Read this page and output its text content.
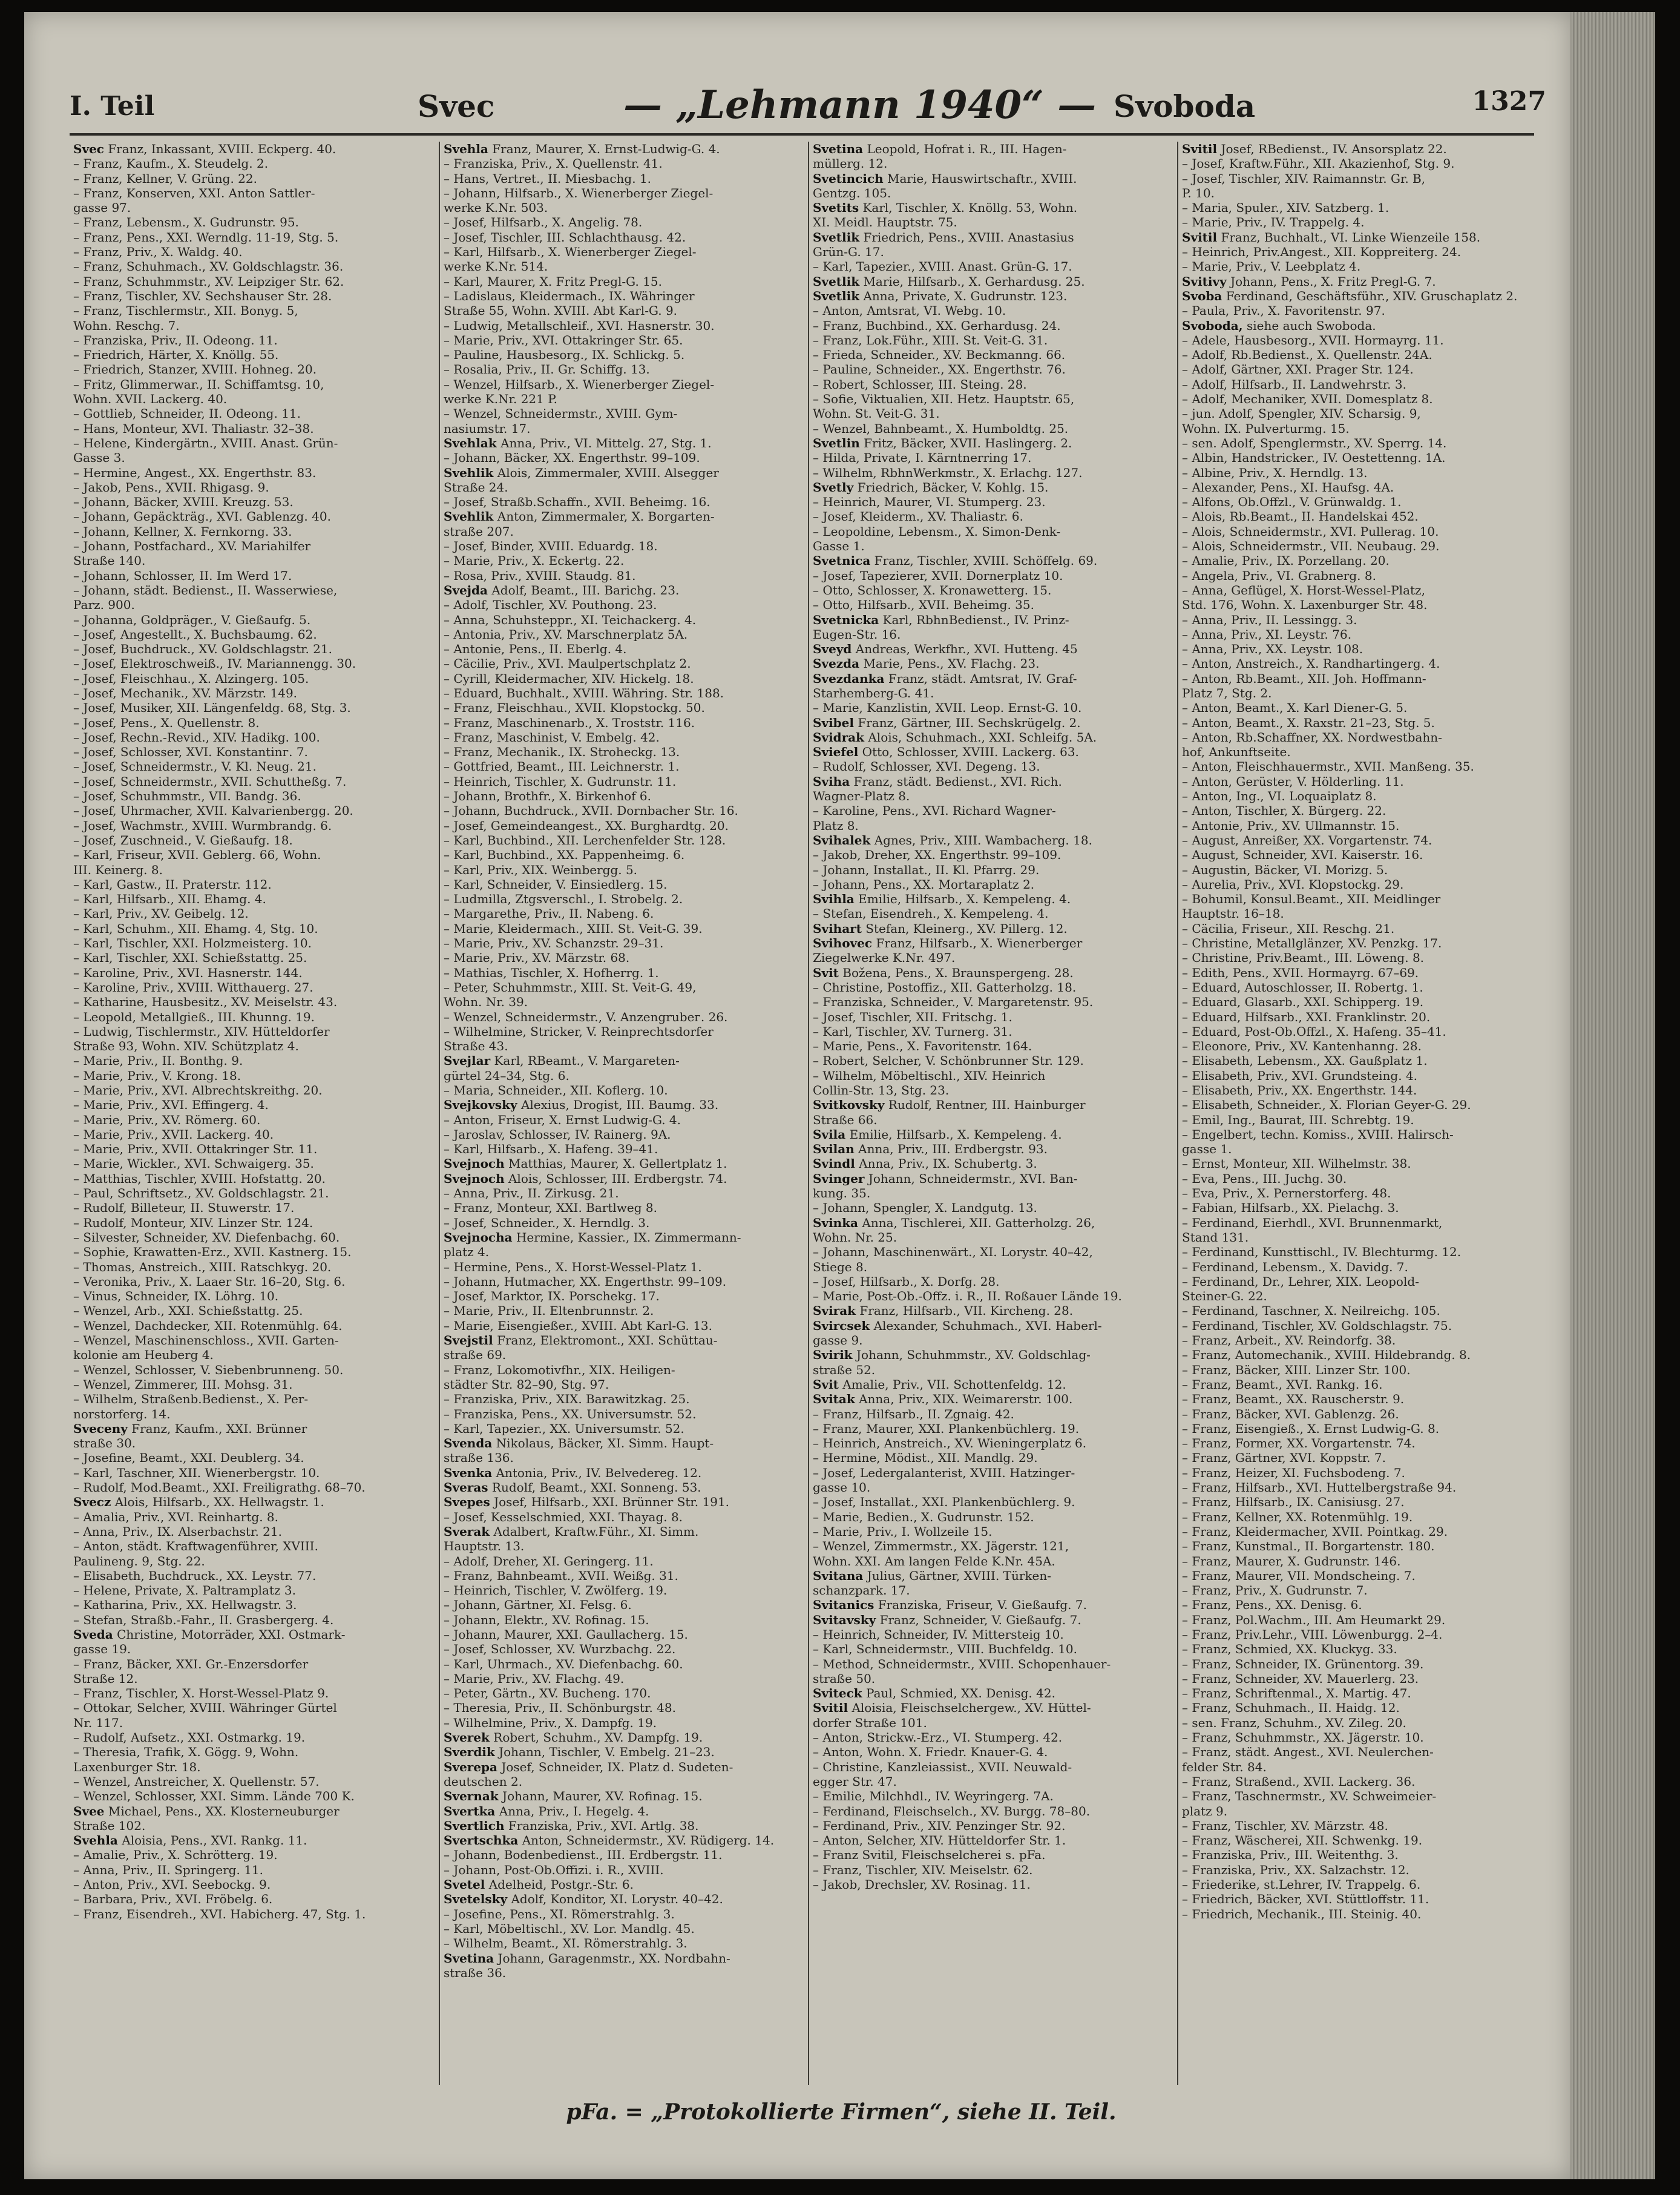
I. Teil	Svec	— „Lehmann 1940“ — Svoboda	1327
Svec Franz, Inkassant, XVIII. Eckperg. 40.
– Franz, Kaufm., X. Steudelg. 2.
– Franz, Kellner, V. Grüng. 22.
– Franz, Konserven, XXI. Anton Sattler-
gasse 97.
– Franz, Lebensm., X. Gudrunstr. 95.
– Franz, Pens., XXI. Werndlg. 11-19, Stg. 5.
– Franz, Priv., X. Waldg. 40.
– Franz, Schuhmach., XV. Goldschlagstr. 36.
– Franz, Schuhmmstr., XV. Leipziger Str. 62.
– Franz, Tischler, XV. Sechshauser Str. 28.
– Franz, Tischlermstr., XII. Bonyg. 5,
Wohn. Reschg. 7.
– Franziska, Priv., II. Odeong. 11.
– Friedrich, Härter, X. Knöllg. 55.
– Friedrich, Stanzer, XVIII. Hohneg. 20.
– Fritz, Glimmerwar., II. Schiffamtsg. 10,
Wohn. XVII. Lackerg. 40.
– Gottlieb, Schneider, II. Odeong. 11.
– Hans, Monteur, XVI. Thaliastr. 32–38.
– Helene, Kindergärtn., XVIII. Anast. Grün-
Gasse 3.
– Hermine, Angest., XX. Engerthstr. 83.
– Jakob, Pens., XVII. Rhigasg. 9.
– Johann, Bäcker, XVIII. Kreuzg. 53.
– Johann, Gepäckträg., XVI. Gablenzg. 40.
– Johann, Kellner, X. Fernkorng. 33.
– Johann, Postfachard., XV. Mariahilfer
Straße 140.
– Johann, Schlosser, II. Im Werd 17.
– Johann, städt. Bedienst., II. Wasserwiese,
Parz. 900.
– Johanna, Goldpräger., V. Gießaufg. 5.
– Josef, Angestellt., X. Buchsbaumg. 62.
– Josef, Buchdruck., XV. Goldschlagstr. 21.
– Josef, Elektroschweiß., IV. Mariannengg. 30.
– Josef, Fleischhau., X. Alzingerg. 105.
– Josef, Mechanik., XV. Märzstr. 149.
– Josef, Musiker, XII. Längenfeldg. 68, Stg. 3.
– Josef, Pens., X. Quellenstr. 8.
– Josef, Rechn.-Revid., XIV. Hadikg. 100.
– Josef, Schlosser, XVI. Konstantinг. 7.
– Josef, Schneidermstr., V. Kl. Neug. 21.
– Josef, Schneidermstr., XVII. Schuttheßg. 7.
– Josef, Schuhmmstr., VII. Bandg. 36.
– Josef, Uhrmacher, XVII. Kalvarienbergg. 20.
– Josef, Wachmstr., XVIII. Wurmbrandg. 6.
– Josef, Zuschneid., V. Gießaufg. 18.
– Karl, Friseur, XVII. Geblerg. 66, Wohn.
III. Keinerg. 8.
– Karl, Gastw., II. Praterstr. 112.
– Karl, Hilfsarb., XII. Ehamg. 4.
– Karl, Priv., XV. Geibelg. 12.
– Karl, Schuhm., XII. Ehamg. 4, Stg. 10.
– Karl, Tischler, XXI. Holzmeisterg. 10.
– Karl, Tischler, XXI. Schießstattg. 25.
– Karoline, Priv., XVI. Hasnerstr. 144.
– Karoline, Priv., XVIII. Witthauerg. 27.
– Katharine, Hausbesitz., XV. Meiselstr. 43.
– Leopold, Metallgieß., III. Khunng. 19.
– Ludwig, Tischlermstr., XIV. Hütteldorfer
Straße 93, Wohn. XIV. Schützplatz 4.
– Marie, Priv., II. Bonthg. 9.
– Marie, Priv., V. Krong. 18.
– Marie, Priv., XVI. Albrechtskreithg. 20.
– Marie, Priv., XVI. Effingerg. 4.
– Marie, Priv., XV. Römerg. 60.
– Marie, Priv., XVII. Lackerg. 40.
– Marie, Priv., XVII. Ottakringer Str. 11.
– Marie, Wickler., XVI. Schwaigerg. 35.
– Matthias, Tischler, XVIII. Hofstattg. 20.
– Paul, Schriftsetz., XV. Goldschlagstr. 21.
– Rudolf, Billeteur, II. Stuwerstr. 17.
– Rudolf, Monteur, XIV. Linzer Str. 124.
– Silvester, Schneider, XV. Diefenbachg. 60.
– Sophie, Krawatten-Erz., XVII. Kastnerg. 15.
– Thomas, Anstreich., XIII. Ratschkyg. 20.
– Veronika, Priv., X. Laaer Str. 16–20, Stg. 6.
– Vinus, Schneider, IX. Löhrg. 10.
– Wenzel, Arb., XXI. Schießstattg. 25.
– Wenzel, Dachdecker, XII. Rotenmühlg. 64.
– Wenzel, Maschinenschloss., XVII. Garten-
kolonie am Heuberg 4.
– Wenzel, Schlosser, V. Siebenbrunneng. 50.
– Wenzel, Zimmerer, III. Mohsg. 31.
– Wilhelm, Straßenb.Bedienst., X. Per-
norstorferg. 14.
Sveceny Franz, Kaufm., XXI. Brünner
straße 30.
– Josefine, Beamt., XXI. Deublerg. 34.
– Karl, Taschner, XII. Wienerbergstr. 10.
– Rudolf, Mod.Beamt., XXI. Freiligrathg. 68–70.
Svecz Alois, Hilfsarb., XX. Hellwagstr. 1.
– Amalia, Priv., XVI. Reinhartg. 8.
– Anna, Priv., IX. Alserbachstr. 21.
– Anton, städt. Kraftwagenführer, XVIII.
Paulineng. 9, Stg. 22.
– Elisabeth, Buchdruck., XX. Leystr. 77.
– Helene, Private, X. Paltramplatz 3.
– Katharina, Priv., XX. Hellwagstr. 3.
– Stefan, Straßb.-Fahr., II. Grasbergerg. 4.
Sveda Christine, Motorräder, XXI. Ostmark-
gasse 19.
– Franz, Bäcker, XXI. Gr.-Enzersdorfer
Straße 12.
– Franz, Tischler, X. Horst-Wessel-Platz 9.
– Ottokar, Selcher, XVIII. Währinger Gürtel
Nr. 117.
– Rudolf, Aufsetz., XXI. Ostmarkg. 19.
– Theresia, Trafik, X. Gögg. 9, Wohn.
Laxenburger Str. 18.
– Wenzel, Anstreicher, X. Quellenstr. 57.
– Wenzel, Schlosser, XXI. Simm. Lände 700 K.
Svee Michael, Pens., XX. Klosterneuburger
Straße 102.
Svehla Aloisia, Pens., XVI. Rankg. 11.
– Amalie, Priv., X. Schrötterg. 19.
– Anna, Priv., II. Springerg. 11.
– Anton, Priv., XVI. Seebockg. 9.
– Barbara, Priv., XVI. Fröbelg. 6.
– Franz, Eisendreh., XVI. Habicherg. 47, Stg. 1.
Svehla Franz, Maurer, X. Ernst-Ludwig-G. 4.
– Franziska, Priv., X. Quellenstr. 41.
– Hans, Vertret., II. Miesbachg. 1.
– Johann, Hilfsarb., X. Wienerberger Ziegel-
werke K.Nr. 503.
– Josef, Hilfsarb., X. Angelig. 78.
– Josef, Tischler, III. Schlachthausg. 42.
– Karl, Hilfsarb., X. Wienerberger Ziegel-
werke K.Nr. 514.
– Karl, Maurer, X. Fritz Pregl-G. 15.
– Ladislaus, Kleidermach., IX. Währinger
Straße 55, Wohn. XVIII. Abt Karl-G. 9.
– Ludwig, Metallschleif., XVI. Hasnerstr. 30.
– Marie, Priv., XVI. Ottakringer Str. 65.
– Pauline, Hausbesorg., IX. Schlickg. 5.
– Rosalia, Priv., II. Gr. Schiffg. 13.
– Wenzel, Hilfsarb., X. Wienerberger Ziegel-
werke K.Nr. 221 P.
– Wenzel, Schneidermstr., XVIII. Gym-
nasiumstr. 17.
Svehlak Anna, Priv., VI. Mittelg. 27, Stg. 1.
– Johann, Bäcker, XX. Engerthstr. 99–109.
Svehlik Alois, Zimmermaler, XVIII. Alsegger
Straße 24.
– Josef, Straßb.Schaffn., XVII. Beheimg. 16.
Svehlik Anton, Zimmermaler, X. Borgarten-
straße 207.
– Josef, Binder, XVIII. Eduardg. 18.
– Marie, Priv., X. Eckertg. 22.
– Rosa, Priv., XVIII. Staudg. 81.
Svejda Adolf, Beamt., III. Barichg. 23.
– Adolf, Tischler, XV. Pouthong. 23.
– Anna, Schuhsteppr., XI. Teichackerg. 4.
– Antonia, Priv., XV. Marschnerplatz 5A.
– Antonie, Pens., II. Eberlg. 4.
– Cäcilie, Priv., XVI. Maulpertschplatz 2.
– Cyrill, Kleidermacher, XIV. Hickelg. 18.
– Eduard, Buchhalt., XVIII. Währing. Str. 188.
– Franz, Fleischhau., XVII. Klopstockg. 50.
– Franz, Maschinenarb., X. Troststr. 116.
– Franz, Maschinist, V. Embelg. 42.
– Franz, Mechanik., IX. Stroheckg. 13.
– Gottfried, Beamt., III. Leichnerstr. 1.
– Heinrich, Tischler, X. Gudrunstr. 11.
– Johann, Brothfr., X. Birkenhof 6.
– Johann, Buchdruck., XVII. Dornbacher Str. 16.
– Josef, Gemeindeangest., XX. Burghardtg. 20.
– Karl, Buchbind., XII. Lerchenfelder Str. 128.
– Karl, Buchbind., XX. Pappenheimg. 6.
– Karl, Priv., XIX. Weinbergg. 5.
– Karl, Schneider, V. Einsiedlerg. 15.
– Ludmilla, Ztgsverschl., I. Strobelg. 2.
– Margarethe, Priv., II. Nabeng. 6.
– Marie, Kleidermach., XIII. St. Veit-G. 39.
– Marie, Priv., XV. Schanzstr. 29–31.
– Marie, Priv., XV. Märzstr. 68.
– Mathias, Tischler, X. Hofherrg. 1.
– Peter, Schuhmmstr., XIII. St. Veit-G. 49,
Wohn. Nr. 39.
– Wenzel, Schneidermstr., V. Anzengrubег. 26.
– Wilhelmine, Stricker, V. Reinprechtsdorfer
Straße 43.
Svejlar Karl, RBeamt., V. Margareten-
gürtel 24–34, Stg. 6.
– Maria, Schneider., XII. Koflerg. 10.
Svejkovsky Alexius, Drogist, III. Baumg. 33.
– Anton, Friseur, X. Ernst Ludwig-G. 4.
– Jaroslav, Schlosser, IV. Rainerg. 9A.
– Karl, Hilfsarb., X. Hafeng. 39–41.
Svejnoch Matthias, Maurer, X. Gellertplatz 1.
Svejnoch Alois, Schlosser, III. Erdbergstr. 74.
– Anna, Priv., II. Zirkusg. 21.
– Franz, Monteur, XXI. Bartlweg 8.
– Josef, Schneider., X. Herndlg. 3.
Svejnocha Hermine, Kassier., IX. Zimmermann-
platz 4.
– Hermine, Pens., X. Horst-Wessel-Platz 1.
– Johann, Hutmacher, XX. Engerthstr. 99–109.
– Josef, Marktor, IX. Porschekg. 17.
– Marie, Priv., II. Eltenbrunnstr. 2.
– Marie, Eisengießer., XVIII. Abt Karl-G. 13.
Svejstil Franz, Elektromont., XXI. Schüttau-
straße 69.
– Franz, Lokomotivfhr., XIX. Heiligen-
städter Str. 82–90, Stg. 97.
– Franziska, Priv., XIX. Barawitzkag. 25.
– Franziska, Pens., XX. Universumstr. 52.
– Karl, Tapezier., XX. Universumstr. 52.
Svenda Nikolaus, Bäcker, XI. Simm. Haupt-
straße 136.
Svenka Antonia, Priv., IV. Belvedereg. 12.
Sveras Rudolf, Beamt., XXI. Sonneng. 53.
Svepes Josef, Hilfsarb., XXI. Brünner Str. 191.
– Josef, Kesselschmied, XXI. Thayag. 8.
Sverak Adalbert, Kraftw.Führ., XI. Simm.
Hauptstr. 13.
– Adolf, Dreher, XI. Geringerg. 11.
– Franz, Bahnbeamt., XVII. Weißg. 31.
– Heinrich, Tischler, V. Zwölferg. 19.
– Johann, Gärtner, XI. Felsg. 6.
– Johann, Elektr., XV. Rofinag. 15.
– Johann, Maurer, XXI. Gaullacherg. 15.
– Josef, Schlosser, XV. Wurzbachg. 22.
– Karl, Uhrmach., XV. Diefenbachg. 60.
– Marie, Priv., XV. Flachg. 49.
– Peter, Gärtn., XV. Bucheng. 170.
– Theresia, Priv., II. Schönburgstr. 48.
– Wilhelmine, Priv., X. Dampfg. 19.
Sverek Robert, Schuhm., XV. Dampfg. 19.
Sverdik Johann, Tischler, V. Embelg. 21–23.
Sverepa Josef, Schneider, IX. Platz d. Sudeten-
deutschen 2.
Svernak Johann, Maurer, XV. Rofinag. 15.
Svertka Anna, Priv., I. Hegelg. 4.
Svertlich Franziska, Priv., XVI. Artlg. 38.
Svertschka Anton, Schneidermstr., XV. Rüdigerg. 14.
– Johann, Bodenbedienst., III. Erdbergstr. 11.
– Johann, Post-Ob.Offizi. i. R., XVIII.
Svetel Adelheid, Postgr.-Str. 6.
Svetelsky Adolf, Konditor, XI. Lorystr. 40–42.
– Josefine, Pens., XI. Römerstrahlg. 3.
– Karl, Möbeltischl., XV. Lor. Mandlg. 45.
– Wilhelm, Beamt., XI. Römerstrahlg. 3.
Svetina Johann, Garagenmstr., XX. Nordbahn-
straße 36.
Svetina Leopold, Hofrat i. R., III. Hagen-
müllerg. 12.
Svetincich Marie, Hauswirtschaftr., XVIII.
Gentzg. 105.
Svetits Karl, Tischler, X. Knöllg. 53, Wohn.
XI. Meidl. Hauptstr. 75.
Svetlik Friedrich, Pens., XVIII. Anastasius
Grün-G. 17.
– Karl, Tapezier., XVIII. Anast. Grün-G. 17.
Svetlik Marie, Hilfsarb., X. Gerhardusg. 25.
Svetlik Anna, Private, X. Gudrunstr. 123.
– Anton, Amtsrat, VI. Webg. 10.
– Franz, Buchbind., XX. Gerhardusg. 24.
– Franz, Lok.Führ., XIII. St. Veit-G. 31.
– Frieda, Schneider., XV. Beckmanng. 66.
– Pauline, Schneider., XX. Engerthstr. 76.
– Robert, Schlosser, III. Steing. 28.
– Sofie, Viktualien, XII. Hetz. Hauptstr. 65,
Wohn. St. Veit-G. 31.
– Wenzel, Bahnbeamt., X. Humboldtg. 25.
Svetlin Fritz, Bäcker, XVII. Haslingerg. 2.
– Hilda, Private, I. Kärntnerring 17.
– Wilhelm, RbhnWerkmstr., X. Erlachg. 127.
Svetly Friedrich, Bäcker, V. Kohlg. 15.
– Heinrich, Maurer, VI. Stumperg. 23.
– Josef, Kleiderm., XV. Thaliastr. 6.
– Leopoldine, Lebensm., X. Simon-Denk-
Gasse 1.
Svetnica Franz, Tischler, XVIII. Schöffelg. 69.
– Josef, Tapezierer, XVII. Dornerplatz 10.
– Otto, Schlosser, X. Kronawetterg. 15.
– Otto, Hilfsarb., XVII. Beheimg. 35.
Svetnicka Karl, RbhnBedienst., IV. Prinz-
Eugen-Str. 16.
Sveyd Andreas, Werkfhr., XVI. Hutteng. 45
Svezda Marie, Pens., XV. Flachg. 23.
Svezdanka Franz, städt. Amtsrat, IV. Graf-
Starhemberg-G. 41.
– Marie, Kanzlistin, XVII. Leop. Ernst-G. 10.
Svibel Franz, Gärtner, III. Sechskrügelg. 2.
Svidrak Alois, Schuhmach., XXI. Schleifg. 5A.
Sviefel Otto, Schlosser, XVIII. Lackerg. 63.
– Rudolf, Schlosser, XVI. Degeng. 13.
Sviha Franz, städt. Bedienst., XVI. Rich.
Wagner-Platz 8.
– Karoline, Pens., XVI. Richard Wagner-
Platz 8.
Svihalek Agnes, Priv., XIII. Wambacherg. 18.
– Jakob, Dreher, XX. Engerthstr. 99–109.
– Johann, Installat., II. Kl. Pfarrg. 29.
– Johann, Pens., XX. Mortaraplatz 2.
Svihla Emilie, Hilfsarb., X. Kempeleng. 4.
– Stefan, Eisendreh., X. Kempeleng. 4.
Svihart Stefan, Kleinerg., XV. Pillerg. 12.
Svihovec Franz, Hilfsarb., X. Wienerberger
Ziegelwerke K.Nr. 497.
Svit Božena, Pens., X. Braunspergeng. 28.
– Christine, Postoffiz., XII. Gatterholzg. 18.
– Franziska, Schneider., V. Margaretenstr. 95.
– Josef, Tischler, XII. Fritschg. 1.
– Karl, Tischler, XV. Turnerg. 31.
– Marie, Pens., X. Favoritenstr. 164.
– Robert, Selcher, V. Schönbrunner Str. 129.
– Wilhelm, Möbeltischl., XIV. Heinrich
Collin-Str. 13, Stg. 23.
Svitkovsky Rudolf, Rentner, III. Hainburger
Straße 66.
Svila Emilie, Hilfsarb., X. Kempeleng. 4.
Svilan Anna, Priv., III. Erdbergstr. 93.
Svindl Anna, Priv., IX. Schubertg. 3.
Svinger Johann, Schneidermstr., XVI. Ban-
kung. 35.
– Johann, Spengler, X. Landgutg. 13.
Svinka Anna, Tischlerei, XII. Gatterholzg. 26,
Wohn. Nr. 25.
– Johann, Maschinenwärt., XI. Lorystr. 40–42,
Stiege 8.
– Josef, Hilfsarb., X. Dorfg. 28.
– Marie, Post-Ob.-Offz. i. R., II. Roßauer Lände 19.
Svirak Franz, Hilfsarb., VII. Kircheng. 28.
Svircsek Alexander, Schuhmach., XVI. Haberl-
gasse 9.
Svirik Johann, Schuhmmstr., XV. Goldschlag-
straße 52.
Svit Amalie, Priv., VII. Schottenfeldg. 12.
Svitak Anna, Priv., XIX. Weimarerstr. 100.
– Franz, Hilfsarb., II. Zgnaig. 42.
– Franz, Maurer, XXI. Plankenbüchlerg. 19.
– Heinrich, Anstreich., XV. Wieningerplatz 6.
– Hermine, Mödist., XII. Mandlg. 29.
– Josef, Ledergalanterist, XVIII. Hatzinger-
gasse 10.
– Josef, Installat., XXI. Plankenbüchlerg. 9.
– Marie, Bedien., X. Gudrunstr. 152.
– Marie, Priv., I. Wollzeile 15.
– Wenzel, Zimmermstr., XX. Jägerstr. 121,
Wohn. XXI. Am langen Felde K.Nr. 45A.
Svitana Julius, Gärtner, XVIII. Türken-
schanzpark. 17.
Svitanics Franziska, Friseur, V. Gießaufg. 7.
Svitavsky Franz, Schneider, V. Gießaufg. 7.
– Heinrich, Schneider, IV. Mittersteig 10.
– Karl, Schneidermstr., VIII. Buchfeldg. 10.
– Method, Schneidermstr., XVIII. Schopenhauer-
straße 50.
Sviteck Paul, Schmied, XX. Denisg. 42.
Svitil Aloisia, Fleischselchergew., XV. Hüttel-
dorfer Straße 101.
– Anton, Strickw.-Erz., VI. Stumperg. 42.
– Anton, Wohn. X. Friedr. Knauer-G. 4.
– Christine, Kanzleiassist., XVII. Neuwald-
egger Str. 47.
– Emilie, Milchhdl., IV. Weyringerg. 7A.
– Ferdinand, Fleischselch., XV. Burgg. 78–80.
– Ferdinand, Priv., XIV. Penzinger Str. 92.
– Anton, Selcher, XIV. Hütteldorfer Str. 1.
– Franz Svitil, Fleischselcherei s. pFa.
– Franz, Tischler, XIV. Meiselstr. 62.
– Jakob, Drechsler, XV. Rosinag. 11.
Svitil Josef, RBedienst., IV. Ansorsplatz 22.
– Josef, Kraftw.Führ., XII. Akazienhof, Stg. 9.
– Josef, Tischler, XIV. Raimannstr. Gr. B,
P. 10.
– Maria, Spuler., XIV. Satzberg. 1.
– Marie, Priv., IV. Trappelg. 4.
Svitil Franz, Buchhalt., VI. Linke Wienzeile 158.
– Heinrich, Priv.Angest., XII. Koppreiterg. 24.
– Marie, Priv., V. Leebplatz 4.
Svitivy Johann, Pens., X. Fritz Pregl-G. 7.
Svoba Ferdinand, Geschäftsführ., XIV. Gruschaplatz 2.
– Paula, Priv., X. Favoritenstr. 97.
Svoboda, siehe auch Swoboda.
– Adele, Hausbesorg., XVII. Hormayrg. 11.
– Adolf, Rb.Bedienst., X. Quellenstr. 24A.
– Adolf, Gärtner, XXI. Prager Str. 124.
– Adolf, Hilfsarb., II. Landwehrstr. 3.
– Adolf, Mechaniker, XVII. Domesplatz 8.
– jun. Adolf, Spengler, XIV. Scharsig. 9,
Wohn. IX. Pulverturmg. 15.
– sen. Adolf, Spenglermstr., XV. Sperrg. 14.
– Albin, Handstricker., IV. Oestettenng. 1A.
– Albine, Priv., X. Herndlg. 13.
– Alexander, Pens., XI. Haufsg. 4A.
– Alfons, Ob.Offzl., V. Grünwaldg. 1.
– Alois, Rb.Beamt., II. Handelskai 452.
– Alois, Schneidermstr., XVI. Pullerag. 10.
– Alois, Schneidermstr., VII. Neubaug. 29.
– Amalie, Priv., IX. Porzellang. 20.
– Angela, Priv., VI. Grabnerg. 8.
– Anna, Geflügel, X. Horst-Wessel-Platz,
Std. 176, Wohn. X. Laxenburger Str. 48.
– Anna, Priv., II. Lessingg. 3.
– Anna, Priv., XI. Leystr. 76.
– Anna, Priv., XX. Leystr. 108.
– Anton, Anstreich., X. Randhartingerg. 4.
– Anton, Rb.Beamt., XII. Joh. Hoffmann-
Platz 7, Stg. 2.
– Anton, Beamt., X. Karl Diener-G. 5.
– Anton, Beamt., X. Raxstr. 21–23, Stg. 5.
– Anton, Rb.Schaffner, XX. Nordwestbahn-
hof, Ankunftseite.
– Anton, Fleischhauermstr., XVII. Manßeng. 35.
– Anton, Gerüster, V. Hölderling. 11.
– Anton, Ing., VI. Loquaiplatz 8.
– Anton, Tischler, X. Bürgerg. 22.
– Antonie, Priv., XV. Ullmannstr. 15.
– August, Anreißer, XX. Vorgartenstr. 74.
– August, Schneider, XVI. Kaiserstr. 16.
– Augustin, Bäcker, VI. Morizg. 5.
– Aurelia, Priv., XVI. Klopstockg. 29.
– Bohumil, Konsul.Beamt., XII. Meidlinger
Hauptstr. 16–18.
– Cäcilia, Friseur., XII. Reschg. 21.
– Christine, Metallglänzer, XV. Penzkg. 17.
– Christine, Priv.Beamt., III. Löweng. 8.
– Edith, Pens., XVII. Hormayrg. 67–69.
– Eduard, Autoschlosser, II. Robertg. 1.
– Eduard, Glasarb., XXI. Schipperg. 19.
– Eduard, Hilfsarb., XXI. Franklinstr. 20.
– Eduard, Post-Ob.Offzl., X. Hafeng. 35–41.
– Eleonore, Priv., XV. Kantenhanng. 28.
– Elisabeth, Lebensm., XX. Gaußplatz 1.
– Elisabeth, Priv., XVI. Grundsteing. 4.
– Elisabeth, Priv., XX. Engerthstr. 144.
– Elisabeth, Schneider., X. Florian Geyer-G. 29.
– Emil, Ing., Baurat, III. Schrebtg. 19.
– Engelbert, techn. Komiss., XVIII. Halirsch-
gasse 1.
– Ernst, Monteur, XII. Wilhelmstr. 38.
– Eva, Pens., III. Juchg. 30.
– Eva, Priv., X. Pernerstorferg. 48.
– Fabian, Hilfsarb., XX. Pielachg. 3.
– Ferdinand, Eierhdl., XVI. Brunnenmarkt,
Stand 131.
– Ferdinand, Kunsttischl., IV. Blechturmg. 12.
– Ferdinand, Lebensm., X. Davidg. 7.
– Ferdinand, Dr., Lehrer, XIX. Leopold-
Steiner-G. 22.
– Ferdinand, Taschner, X. Neilreichg. 105.
– Ferdinand, Tischler, XV. Goldschlagstr. 75.
– Franz, Arbeit., XV. Reindorfg. 38.
– Franz, Automechanik., XVIII. Hildebrandg. 8.
– Franz, Bäcker, XIII. Linzer Str. 100.
– Franz, Beamt., XVI. Rankg. 16.
– Franz, Beamt., XX. Rauscherstr. 9.
– Franz, Bäcker, XVI. Gablenzg. 26.
– Franz, Eisengieß., X. Ernst Ludwig-G. 8.
– Franz, Former, XX. Vorgartenstr. 74.
– Franz, Gärtner, XVI. Koppstr. 7.
– Franz, Heizer, XI. Fuchsbodeng. 7.
– Franz, Hilfsarb., XVI. Huttelbergstraße 94.
– Franz, Hilfsarb., IX. Canisiusg. 27.
– Franz, Kellner, XX. Rotenmühlg. 19.
– Franz, Kleidermacher, XVII. Pointkag. 29.
– Franz, Kunstmal., II. Borgartenstr. 180.
– Franz, Maurer, X. Gudrunstr. 146.
– Franz, Maurer, VII. Mondscheing. 7.
– Franz, Priv., X. Gudrunstr. 7.
– Franz, Pens., XX. Denisg. 6.
– Franz, Pol.Wachm., III. Am Heumarkt 29.
– Franz, Priv.Lehr., VIII. Löwenburgg. 2–4.
– Franz, Schmied, XX. Kluckyg. 33.
– Franz, Schneider, IX. Grünentorg. 39.
– Franz, Schneider, XV. Mauerlerg. 23.
– Franz, Schriftenmal., X. Martig. 47.
– Franz, Schuhmach., II. Haidg. 12.
– sen. Franz, Schuhm., XV. Zileg. 20.
– Franz, Schuhmmstr., XX. Jägerstr. 10.
– Franz, städt. Angest., XVI. Neulerchen-
felder Str. 84.
– Franz, Straßend., XVII. Lackerg. 36.
– Franz, Taschnermstr., XV. Schweimeier-
platz 9.
– Franz, Tischler, XV. Märzstr. 48.
– Franz, Wäscherei, XII. Schwenkg. 19.
– Franziska, Priv., III. Weitenthg. 3.
– Franziska, Priv., XX. Salzachstr. 12.
– Friederike, st.Lehrer, IV. Trappelg. 6.
– Friedrich, Bäcker, XVI. Stüttloffstr. 11.
– Friedrich, Mechanik., III. Steinig. 40.
pFa. = „Protokollierte Firmen“, siehe II. Teil.
